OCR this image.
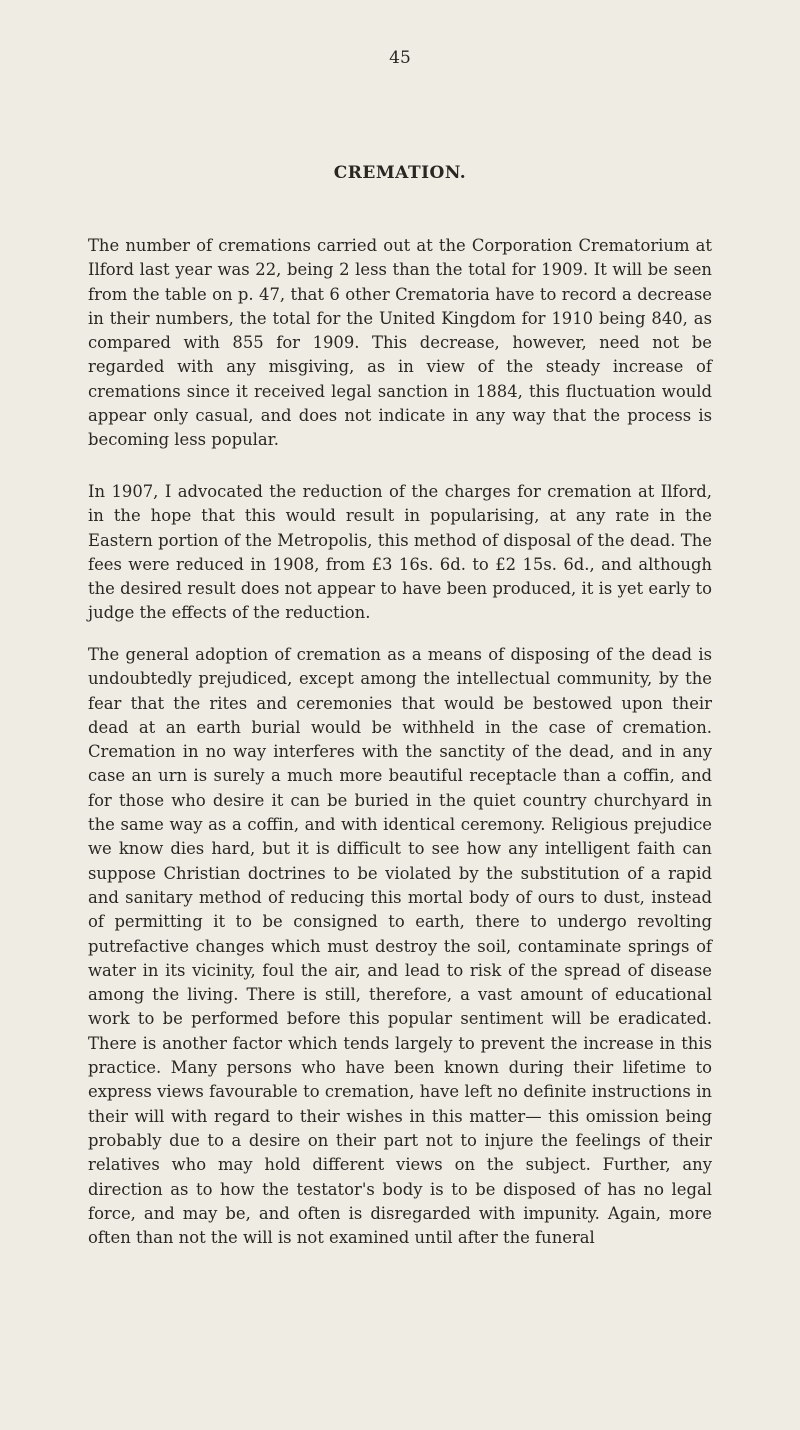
45
CREMATION.

The number of cremations carried out at the Corporation Crematorium at Ilford last year was 22, being 2 less than the total for 1909. It will be seen from the table on p. 47, that 6 other Crematoria have to record a decrease in their numbers, the total for the United Kingdom for 1910 being 840, as compared with 855 for 1909. This decrease, however, need not be regarded with any misgiving, as in view of the steady increase of cremations since it received legal sanction in 1884, this fluctuation would appear only casual, and does not indicate in any way that the process is becoming less popular.

In 1907, I advocated the reduction of the charges for cremation at Ilford, in the hope that this would result in popularising, at any rate in the Eastern portion of the Metropolis, this method of disposal of the dead. The fees were reduced in 1908, from £3 16s. 6d. to £2 15s. 6d., and although the desired result does not appear to have been produced, it is yet early to judge the effects of the reduction.

The general adoption of cremation as a means of disposing of the dead is undoubtedly prejudiced, except among the intellectual community, by the fear that the rites and ceremonies that would be bestowed upon their dead at an earth burial would be withheld in the case of cremation. Cremation in no way interferes with the sanctity of the dead, and in any case an urn is surely a much more beautiful receptacle than a coffin, and for those who desire it can be buried in the quiet country churchyard in the same way as a coffin, and with identical ceremony. Religious prejudice we know dies hard, but it is difficult to see how any intelligent faith can suppose Christian doctrines to be violated by the substitution of a rapid and sanitary method of reducing this mortal body of ours to dust, instead of permitting it to be consigned to earth, there to undergo revolting putrefactive changes which must destroy the soil, contaminate springs of water in its vicinity, foul the air, and lead to risk of the spread of disease among the living. There is still, therefore, a vast amount of educational work to be performed before this popular sentiment will be eradicated. There is another factor which tends largely to prevent the increase in this practice. Many persons who have been known during their lifetime to express views favourable to cremation, have left no definite instructions in their will with regard to their wishes in this matter— this omission being probably due to a desire on their part not to injure the feelings of their relatives who may hold different views on the subject. Further, any direction as to how the testator's body is to be disposed of has no legal force, and may be, and often is disregarded with impunity. Again, more often than not the will is not examined until after the funeral
